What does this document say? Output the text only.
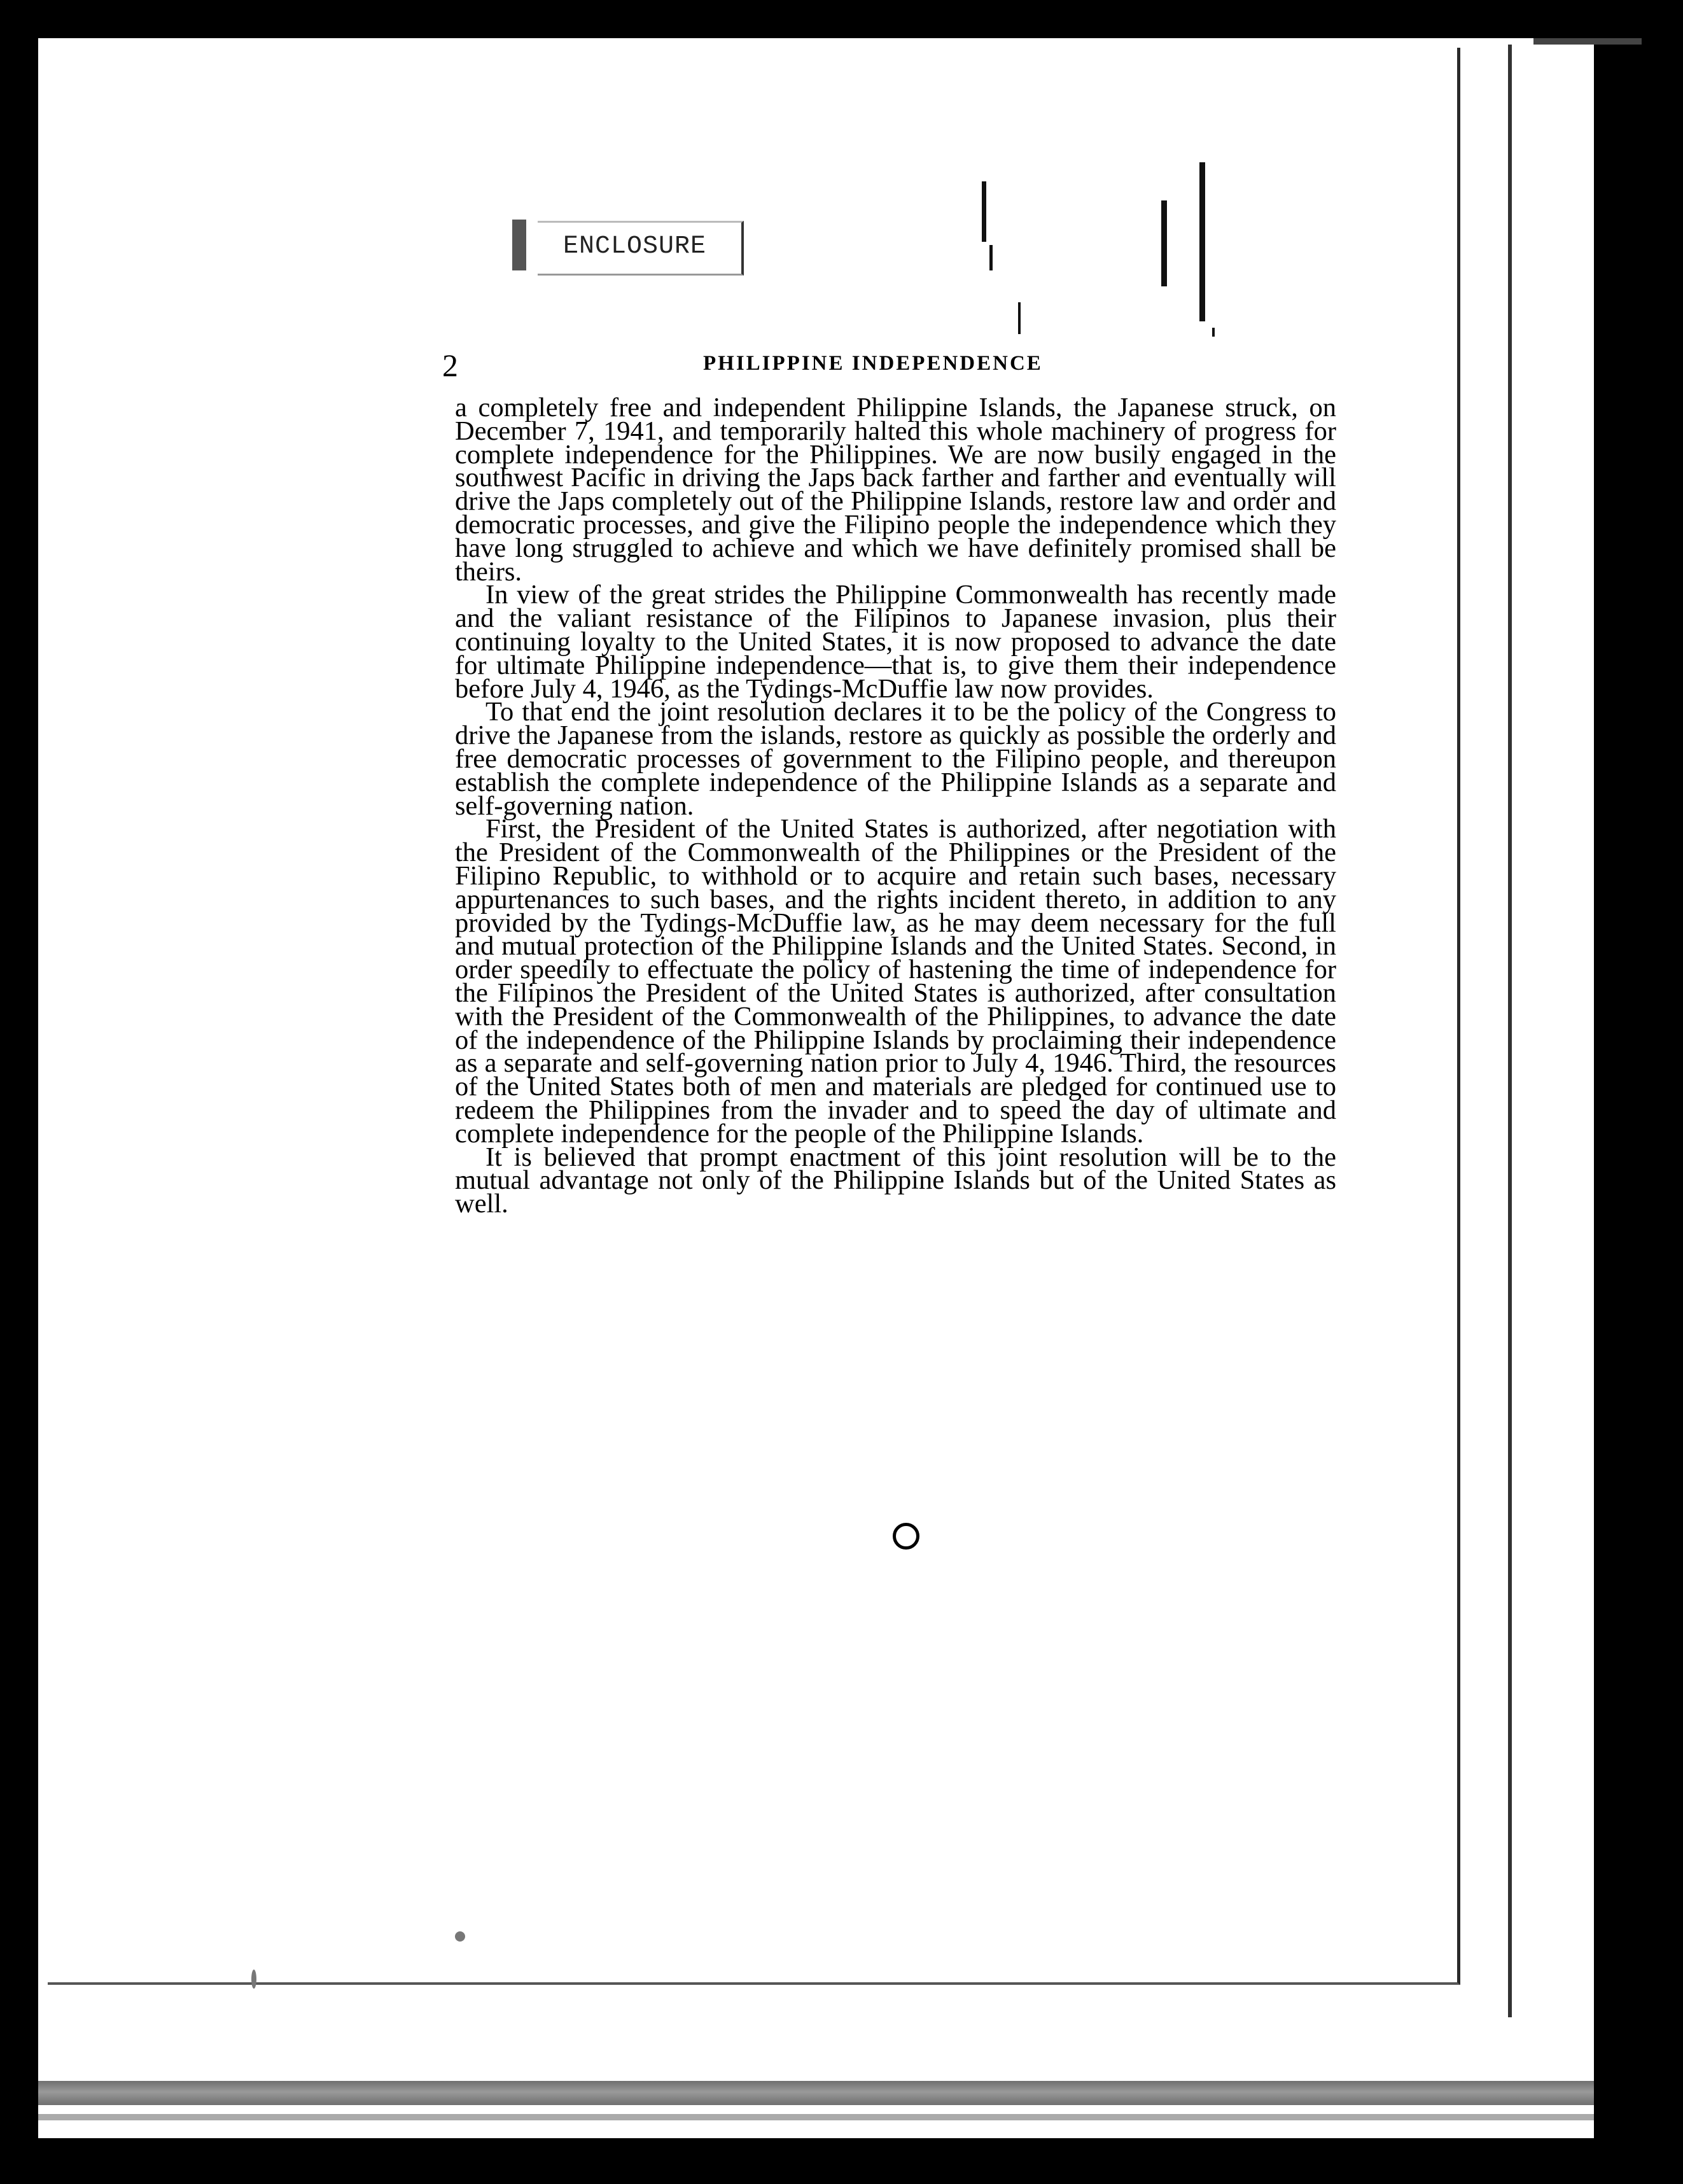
ENCLOSURE
2	PHILIPPINE INDEPENDENCE

a completely free and independent Philippine Islands, the Japanese struck, on December 7, 1941, and temporarily halted this whole machinery of progress for complete independence for the Philippines. We are now busily engaged in the southwest Pacific in driving the Japs back farther and farther and eventually will drive the Japs completely out of the Philippine Islands, restore law and order and democratic processes, and give the Filipino people the independence which they have long struggled to achieve and which we have definitely promised shall be theirs.

In view of the great strides the Philippine Commonwealth has recently made and the valiant resistance of the Filipinos to Japanese invasion, plus their continuing loyalty to the United States, it is now proposed to advance the date for ultimate Philippine independence—that is, to give them their independence before July 4, 1946, as the Tydings-McDuffie law now provides.

To that end the joint resolution declares it to be the policy of the Congress to drive the Japanese from the islands, restore as quickly as possible the orderly and free democratic processes of government to the Filipino people, and thereupon establish the complete independence of the Philippine Islands as a separate and self-governing nation.

First, the President of the United States is authorized, after negotiation with the President of the Commonwealth of the Philippines or the President of the Filipino Republic, to withhold or to acquire and retain such bases, necessary appurtenances to such bases, and the rights incident thereto, in addition to any provided by the Tydings-McDuffie law, as he may deem necessary for the full and mutual protection of the Philippine Islands and the United States. Second, in order speedily to effectuate the policy of hastening the time of independence for the Filipinos the President of the United States is authorized, after consultation with the President of the Commonwealth of the Philippines, to advance the date of the independence of the Philippine Islands by proclaiming their independence as a separate and self-governing nation prior to July 4, 1946. Third, the resources of the United States both of men and materials are pledged for continued use to redeem the Philippines from the invader and to speed the day of ultimate and complete independence for the people of the Philippine Islands.

It is believed that prompt enactment of this joint resolution will be to the mutual advantage not only of the Philippine Islands but of the United States as well.
